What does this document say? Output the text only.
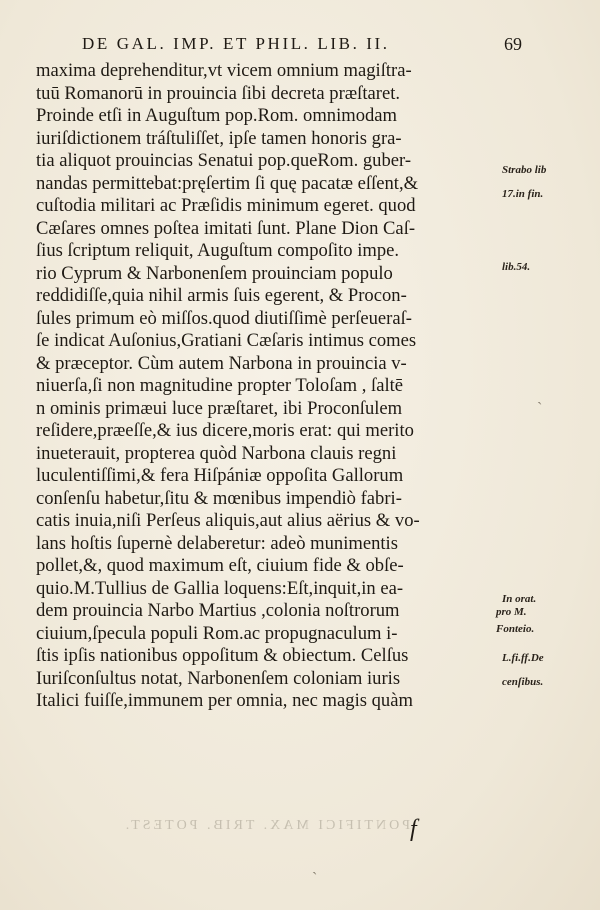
DE GAL. IMP. ET PHIL. LIB. II.	69
maxima deprehenditur,vt vicem omnium magiſtra-
tuū Romanorū in prouincia ſibi decreta præſtaret.
Proinde etſi in Auguſtum pop.Rom. omnimodam
iuriſdictionem tráſtuliſſet, ipſe tamen honoris gra-
tia aliquot prouincias Senatui pop.queRom. guber-
nandas permittebat:pręſertim ſi quę pacatæ eſſent,&
cuſtodia militari ac Præſidis minimum egeret. quod
Cæſares omnes poſtea imitati ſunt. Plane Dion Caſ-
ſius ſcriptum reliquit, Auguſtum compoſito impe.
rio Cyprum & Narbonenſem prouinciam populo
reddidiſſe,quia nihil armis ſuis egerent, & Procon-
ſules primum eò miſſos.quod diutiſſimè perſeueraſ-
ſe indicat Auſonius,Gratiani Cæſaris intimus comes
& præceptor. Cùm autem Narbona in prouincia v-
niuerſa,ſi non magnitudine propter Toloſam , ſaltē
n ominis primæui luce præſtaret, ibi Proconſulem
reſidere,præeſſe,& ius dicere,moris erat: qui merito
inueterauit, propterea quòd Narbona clauis regni
luculentiſſimi,& fera Hiſpániæ oppoſita Gallorum
conſenſu habetur,ſitu & mœnibus impendiò fabri-
catis inuia,niſi Perſeus aliquis,aut alius aërius & vo-
lans hoſtis ſupernè delaberetur: adeò munimentis
pollet,&, quod maximum eſt, ciuium fide & obſe-
quio.M.Tullius de Gallia loquens:Eſt,inquit,in ea-
dem prouincia Narbo Martius ,colonia noſtrorum
ciuium,ſpecula populi Rom.ac propugnaculum i-
ſtis ipſis nationibus oppoſitum & obiectum. Celſus
Iuriſconſultus notat, Narbonenſem coloniam iuris
Italici fuiſſe,immunem per omnia, nec magis quàm
Strabo lib
17.in fin.
lib.54.
In orat.
pro M.
Fonteio.
L.fi.ff.De
cenſibus.
PONTIFICI MAX. TRIB. POTEST. f
ˏ
ˋ
